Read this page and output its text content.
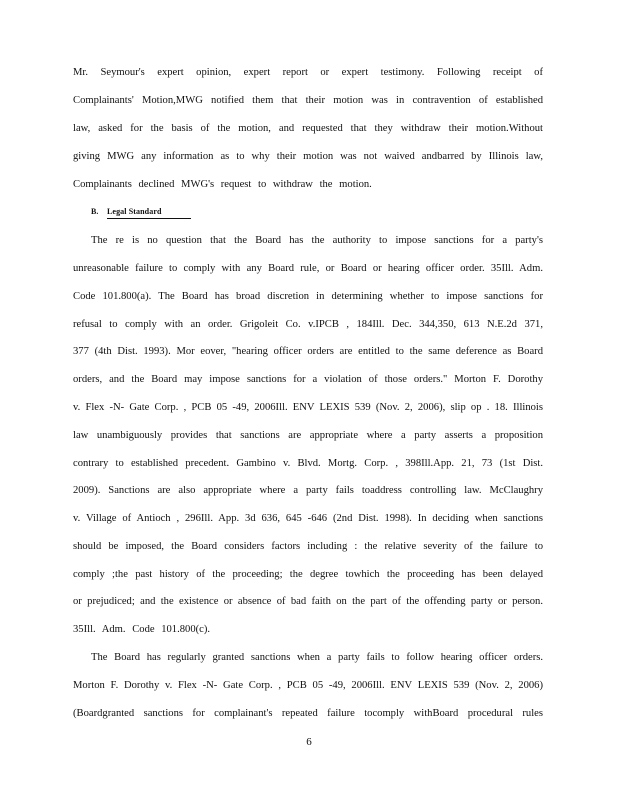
Mr. Seymour's expert opinion, expert report or expert testimony. Following receipt of
Complainants' Motion,MWG notified them that their motion was in contravention of established
law, asked for the basis of the motion, and requested that they withdraw their motion.Without
giving MWG any information as to why their motion was not waived andbarred by Illinois law,
Complainants declined MWG's request to withdraw the motion.
B. Legal Standard
The re is no question that the Board has the authority to impose sanctions for a party's
unreasonable failure to comply with any Board rule, or Board or hearing officer order. 35Ill. Adm.
Code 101.800(a). The Board has broad discretion in determining whether to impose sanctions for
refusal to comply with an order. Grigoleit Co. v.IPCB , 184Ill. Dec. 344,350, 613 N.E.2d 371,
377 (4th Dist. 1993). Mor eover, "hearing officer orders are entitled to the same deference as Board
orders, and the Board may impose sanctions for a violation of those orders." Morton F. Dorothy
v. Flex -N- Gate Corp. , PCB 05 -49, 2006Ill. ENV LEXIS 539 (Nov. 2, 2006), slip op . 18. Illinois
law unambiguously provides that sanctions are appropriate where a party asserts a proposition
contrary to established precedent. Gambino v. Blvd. Mortg. Corp. , 398Ill.App. 21, 73 (1st Dist.
2009). Sanctions are also appropriate where a party fails toaddress controlling law. McClaughry
v. Village of Antioch , 296Ill. App. 3d 636, 645 -646 (2nd Dist. 1998). In deciding when sanctions
should be imposed, the Board considers factors including : the relative severity of the failure to
comply ;the past history of the proceeding; the degree towhich the proceeding has been delayed
or prejudiced; and the existence or absence of bad faith on the part of the offending party or person.
35Ill. Adm. Code 101.800(c).
The Board has regularly granted sanctions when a party fails to follow hearing officer orders.
Morton F. Dorothy v. Flex -N- Gate Corp. , PCB 05 -49, 2006Ill. ENV LEXIS 539 (Nov. 2, 2006)
(Boardgranted sanctions for complainant's repeated failure tocomply withBoard procedural rules
6
